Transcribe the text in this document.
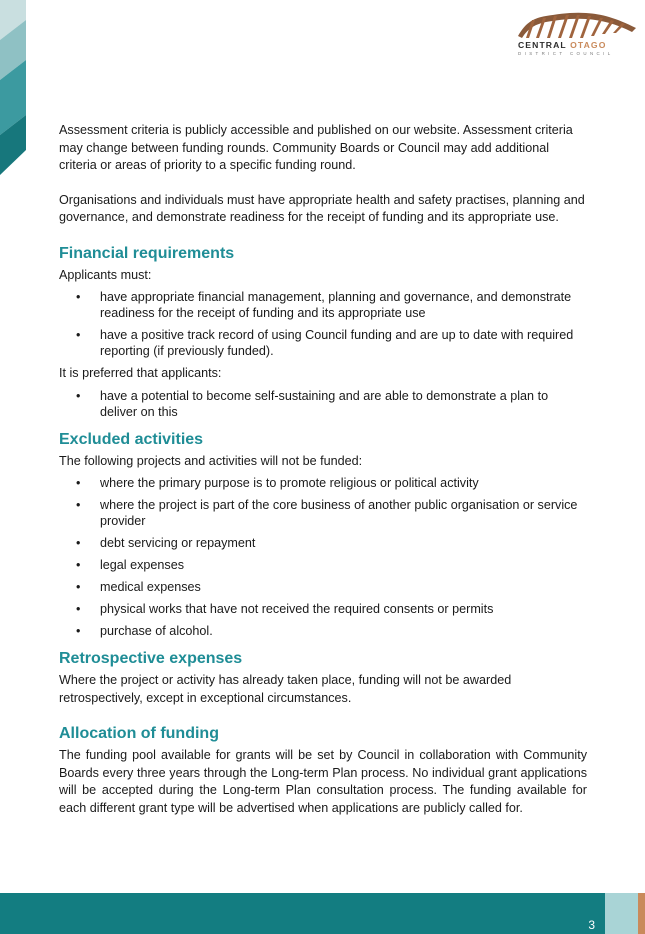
CENTRAL OTAGO
DISTRICT COUNCIL

Assessment criteria is publicly accessible and published on our website. Assessment criteria may change between funding rounds. Community Boards or Council may add additional criteria or areas of priority to a specific funding round.

Organisations and individuals must have appropriate health and safety practises, planning and governance, and demonstrate readiness for the receipt of funding and its appropriate use.

Financial requirements

Applicants must:

• have appropriate financial management, planning and governance, and demonstrate readiness for the receipt of funding and its appropriate use
• have a positive track record of using Council funding and are up to date with required reporting (if previously funded).

It is preferred that applicants:

• have a potential to become self-sustaining and are able to demonstrate a plan to deliver on this
Excluded activities

The following projects and activities will not be funded:

• where the primary purpose is to promote religious or political activity
• where the project is part of the core business of another public organisation or service provider
• debt servicing or repayment
• legal expenses
• medical expenses
• physical works that have not received the required consents or permits
• purchase of alcohol.
Retrospective expenses

Where the project or activity has already taken place, funding will not be awarded retrospectively, except in exceptional circumstances.

Allocation of funding

The funding pool available for grants will be set by Council in collaboration with Community Boards every three years through the Long-term Plan process. No individual grant applications will be accepted during the Long-term Plan consultation process. The funding available for each different grant type will be advertised when applications are publicly called for.

3
